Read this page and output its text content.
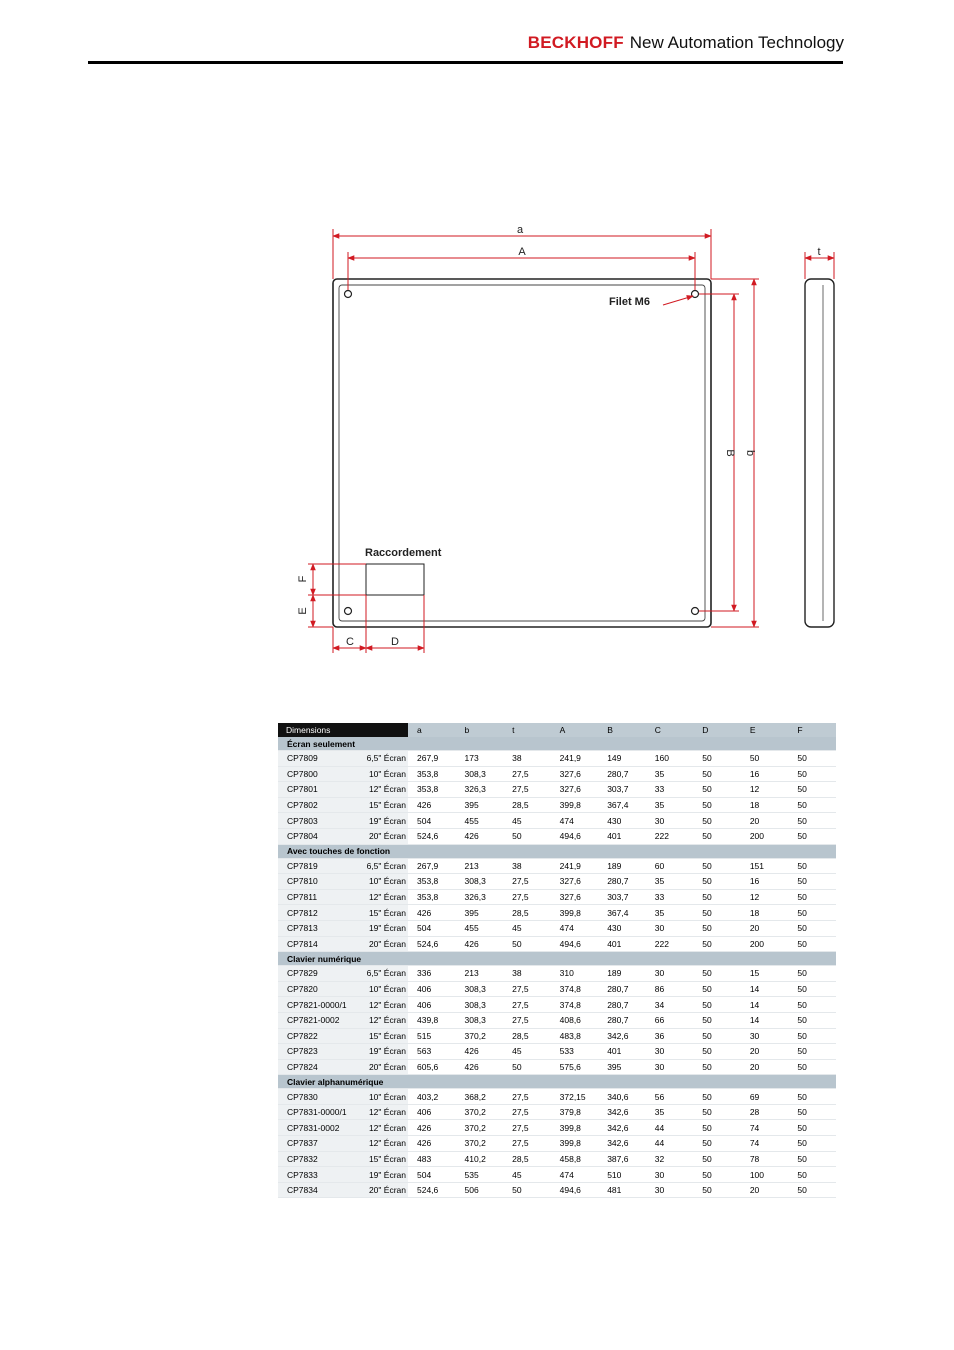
BECKHOFF New Automation Technology
a
A	t
b
B
C	D
F
E
Filet M6
Raccordement
Dimensions		a	b	t	A	B	C	D	E	F
Écran seulement										
CP7809	6,5" Écran	267,9	173	38	241,9	149	160	50	50	50
CP7800	10" Écran	353,8	308,3	27,5	327,6	280,7	35	50	16	50
CP7801	12" Écran	353,8	326,3	27,5	327,6	303,7	33	50	12	50
CP7802	15" Écran	426	395	28,5	399,8	367,4	35	50	18	50
CP7803	19" Écran	504	455	45	474	430	30	50	20	50
CP7804	20" Écran	524,6	426	50	494,6	401	222	50	200	50
Avec touches de fonction										
CP7819	6,5" Écran	267,9	213	38	241,9	189	60	50	151	50
CP7810	10" Écran	353,8	308,3	27,5	327,6	280,7	35	50	16	50
CP7811	12" Écran	353,8	326,3	27,5	327,6	303,7	33	50	12	50
CP7812	15" Écran	426	395	28,5	399,8	367,4	35	50	18	50
CP7813	19" Écran	504	455	45	474	430	30	50	20	50
CP7814	20" Écran	524,6	426	50	494,6	401	222	50	200	50
Clavier numérique										
CP7829	6,5" Écran	336	213	38	310	189	30	50	15	50
CP7820	10" Écran	406	308,3	27,5	374,8	280,7	86	50	14	50
CP7821-0000/1	12" Écran	406	308,3	27,5	374,8	280,7	34	50	14	50
CP7821-0002	12" Écran	439,8	308,3	27,5	408,6	280,7	66	50	14	50
CP7822	15" Écran	515	370,2	28,5	483,8	342,6	36	50	30	50
CP7823	19" Écran	563	426	45	533	401	30	50	20	50
CP7824	20" Écran	605,6	426	50	575,6	395	30	50	20	50
Clavier alphanumérique										
CP7830	10" Écran	403,2	368,2	27,5	372,15	340,6	56	50	69	50
CP7831-0000/1	12" Écran	406	370,2	27,5	379,8	342,6	35	50	28	50
CP7831-0002	12" Écran	426	370,2	27,5	399,8	342,6	44	50	74	50
CP7837	12" Écran	426	370,2	27,5	399,8	342,6	44	50	74	50
CP7832	15" Écran	483	410,2	28,5	458,8	387,6	32	50	78	50
CP7833	19" Écran	504	535	45	474	510	30	50	100	50
CP7834	20" Écran	524,6	506	50	494,6	481	30	50	20	50
